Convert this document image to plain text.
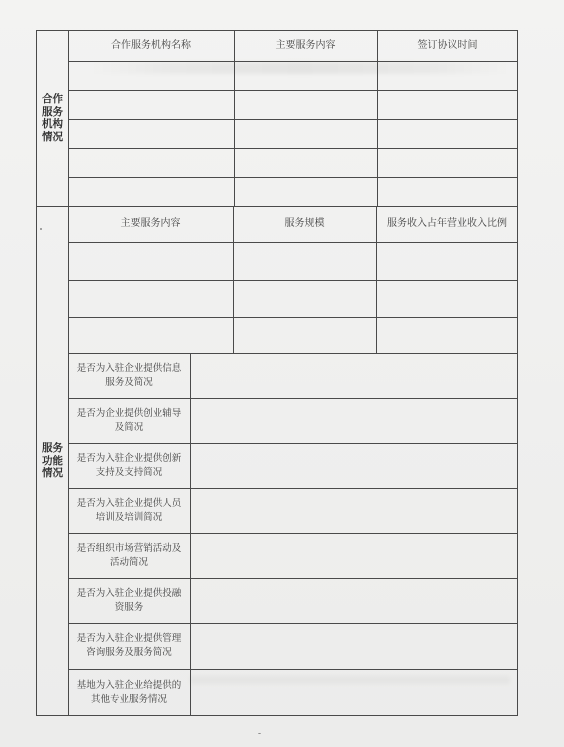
合作服务机构情况
合作服务机构名称	主要服务内容	签订协议时间
服务功能情况
主要服务内容	服务规模	服务收入占年营业收入比例
是否为入驻企业提供信息服务及简况
是否为企业提供创业辅导及简况
是否为入驻企业提供创新支持及支持简况
是否为入驻企业提供人员培训及培训简况
是否组织市场营销活动及活动简况
是否为入驻企业提供投融资服务
是否为入驻企业提供管理咨询服务及服务简况
基地为入驻企业给提供的其他专业服务情况
